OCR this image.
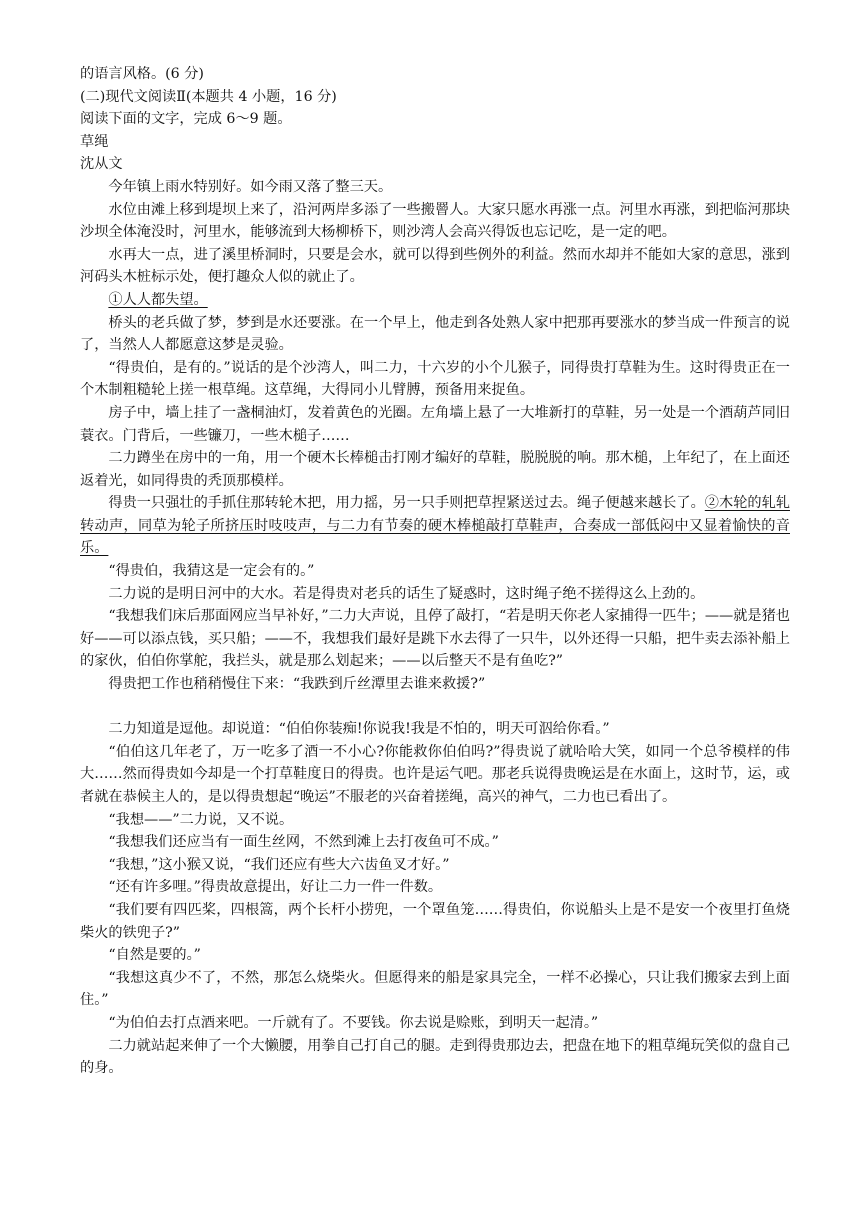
的语言风格。(6 分)

(二)现代文阅读Ⅱ(本题共 4 小题，16 分)

阅读下面的文字，完成 6～9 题。

草绳

沈从文

今年镇上雨水特别好。如今雨又落了整三天。

水位由滩上移到堤坝上来了，沿河两岸多添了一些搬罾人。大家只愿水再涨一点。河里水再涨，到把临河那块沙坝全体淹没时，河里水，能够流到大杨柳桥下，则沙湾人会高兴得饭也忘记吃，是一定的吧。

水再大一点，进了溪里桥洞时，只要是会水，就可以得到些例外的利益。然而水却并不能如大家的意思，涨到河码头木桩标示处，便打趣众人似的就止了。

①人人都失望。

桥头的老兵做了梦，梦到是水还要涨。在一个早上，他走到各处熟人家中把那再要涨水的梦当成一件预言的说了，当然人人都愿意这梦是灵验。

“得贵伯，是有的。”说话的是个沙湾人，叫二力，十六岁的小个儿猴子，同得贵打草鞋为生。这时得贵正在一个木制粗糙轮上搓一根草绳。这草绳，大得同小儿臂膊，预备用来捉鱼。

房子中，墙上挂了一盏桐油灯，发着黄色的光圈。左角墙上悬了一大堆新打的草鞋，另一处是一个酒葫芦同旧蓑衣。门背后，一些镰刀，一些木槌子……

二力蹲坐在房中的一角，用一个硬木长棒槌击打刚才编好的草鞋，脱脱脱的响。那木槌，上年纪了，在上面还返着光，如同得贵的秃顶那模样。

得贵一只强壮的手抓住那转轮木把，用力摇，另一只手则把草捏紧送过去。绳子便越来越长了。②木轮的轧轧转动声，同草为轮子所挤压时吱吱声，与二力有节奏的硬木棒槌敲打草鞋声，合奏成一部低闷中又显着愉快的音乐。

“得贵伯，我猜这是一定会有的。”

二力说的是明日河中的大水。若是得贵对老兵的话生了疑惑时，这时绳子绝不搓得这么上劲的。

“我想我们床后那面网应当早补好，”二力大声说，且停了敲打，“若是明天你老人家捕得一匹牛；——就是猪也好——可以添点钱，买只船；——不，我想我们最好是跳下水去得了一只牛，以外还得一只船，把牛卖去添补船上的家伙，伯伯你掌舵，我拦头，就是那么划起来；——以后整天不是有鱼吃?”

得贵把工作也稍稍慢住下来：“我跌到斤丝潭里去谁来救援?”

二力知道是逗他。却说道：“伯伯你装痴!你说我!我是不怕的，明天可泅给你看。”

“伯伯这几年老了，万一吃多了酒一不小心?你能救你伯伯吗?”得贵说了就哈哈大笑，如同一个总爷模样的伟大……然而得贵如今却是一个打草鞋度日的得贵。也许是运气吧。那老兵说得贵晚运是在水面上，这时节，运，或者就在恭候主人的，是以得贵想起“晚运”不服老的兴奋着搓绳，高兴的神气，二力也已看出了。

“我想——”二力说，又不说。

“我想我们还应当有一面生丝网，不然到滩上去打夜鱼可不成。”

“我想，”这小猴又说，“我们还应有些大六齿鱼叉才好。”

“还有许多哩。”得贵故意提出，好让二力一件一件数。

“我们要有四匹桨，四根篙，两个长杆小捞兜，一个罩鱼笼……得贵伯，你说船头上是不是安一个夜里打鱼烧柴火的铁兜子?”

“自然是要的。”

“我想这真少不了，不然，那怎么烧柴火。但愿得来的船是家具完全，一样不必操心，只让我们搬家去到上面住。”

“为伯伯去打点酒来吧。一斤就有了。不要钱。你去说是赊账，到明天一起清。”

二力就站起来伸了一个大懒腰，用拳自己打自己的腿。走到得贵那边去，把盘在地下的粗草绳玩笑似的盘自己的身。
